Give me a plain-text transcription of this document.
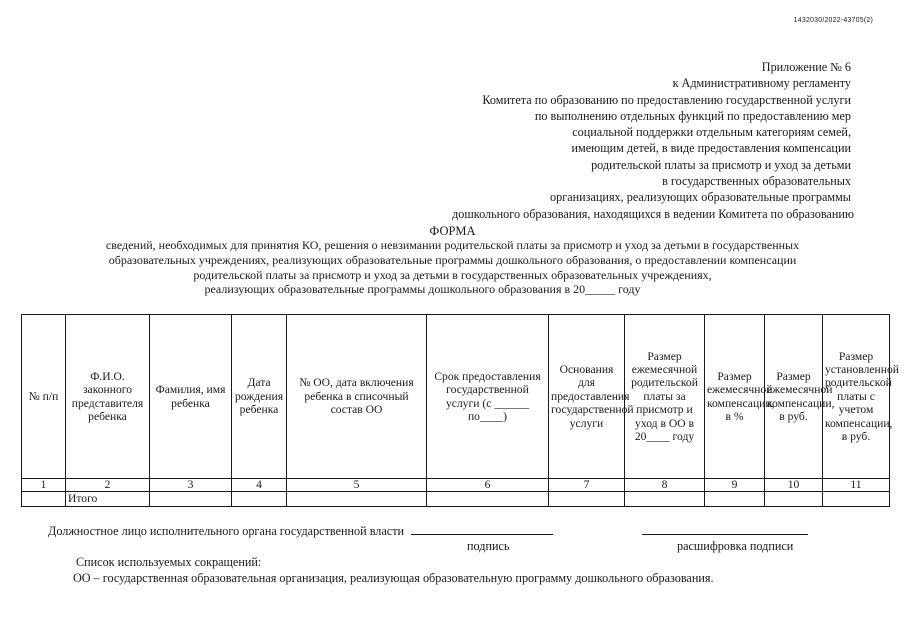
1432030/2022-43705(2)
Приложение № 6
к Административному регламенту
Комитета по образованию по предоставлению государственной услуги
по выполнению отдельных функций по предоставлению мер
социальной поддержки отдельным категориям семей,
имеющим детей, в виде предоставления компенсации
родительской платы за присмотр и уход за детьми
в государственных образовательных
организациях, реализующих образовательные программы
дошкольного образования, находящихся в ведении Комитета по образованию
ФОРМА
сведений, необходимых для принятия КО, решения о невзимании родительской платы за присмотр и уход за детьми в государственных
образовательных учреждениях, реализующих образовательные программы дошкольного образования, о предоставлении компенсации
родительской платы за присмотр и уход за детьми в государственных образовательных учреждениях,
реализующих образовательные программы дошкольного образования в 20_____ году
№ п/п	Ф.И.О. законного представителя ребенка	Фамилия, имя ребенка	Дата рождения ребенка	№ ОО, дата включения ребенка в списочный состав ОО	Срок предоставления государственной услуги (с ______ по____)	Основания для предоставления государственной услуги	Размер ежемесячной родительской платы за присмотр и уход в ОО в 20____ году	Размер ежемесячной компенсации, в %	Размер ежемесячной компенсации, в руб.	Размер установленной родительской платы с учетом компенсации, в руб.
1	2	3	4	5	6	7	8	9	10	11
	Итого									
Должностное лицо исполнительного органа государственной власти
подпись	расшифровка подписи
Список используемых сокращений:
ОО – государственная образовательная организация, реализующая образовательную программу дошкольного образования.
